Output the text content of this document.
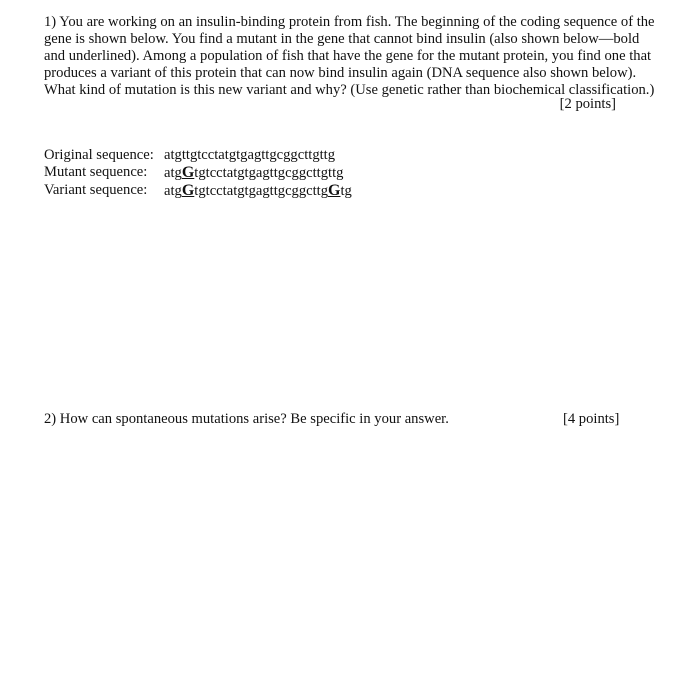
1) You are working on an insulin-binding protein from fish. The beginning of the coding sequence of the
gene is shown below. You find a mutant in the gene that cannot bind insulin (also shown below—bold
and underlined). Among a population of fish that have the gene for the mutant protein, you find one that
produces a variant of this protein that can now bind insulin again (DNA sequence also shown below).
What kind of mutation is this new variant and why? (Use genetic rather than biochemical classification.)
[2 points]
Original sequence: atgttgtcctatgtgagttgcggcttgttg
Mutant sequence:	atgGtgtcctatgtgagttgcggcttgttg
Variant sequence:	atgGtgtcctatgtgagttgcggcttgGtg
2) How can spontaneous mutations arise? Be specific in your answer.	[4 points]
